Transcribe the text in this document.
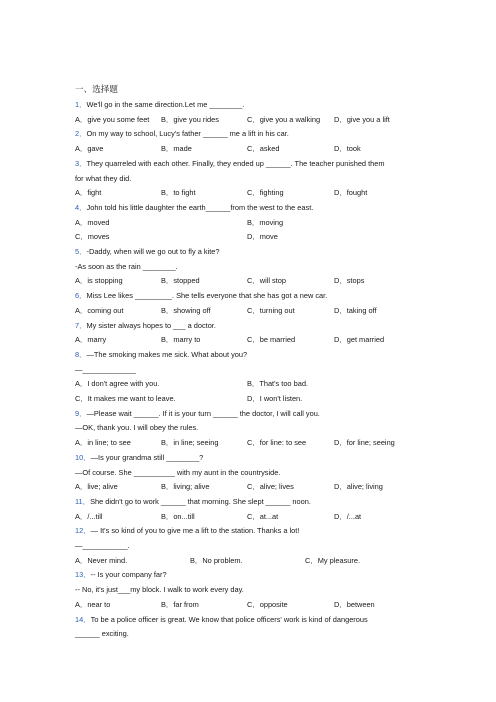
一、选择题
1．We'll go in the same direction.Let me ________.
A．give you some feet B．give you rides	C．give you a walking D．give you a lift
2．On my way to school, Lucy's father ______ me a lift in his car.
A．gave	B．made	C．asked	D．took
3．They quarreled with each other. Finally, they ended up ______. The teacher punished them
for what they did.
A．fight	B．to fight	C．fighting	D．fought
4．John told his little daughter the earth______from the west to the east.
A．moved	B．moving
C．moves	D．move
5．-Daddy, when will we go out to fly a kite?
-As soon as the rain ________.
A．is stopping	B．stopped	C．will stop	D．stops
6．Miss Lee likes _________. She tells everyone that she has got a new car.
A．coming out	B．showing off	C．turning out	D．taking off
7．My sister always hopes to ___ a doctor.
A．marry	B．marry to	C．be married	D．get married
8．—The smoking makes me sick. What about you?
—_____________
A．I don't agree with you.	B．That's too bad.
C．It makes me want to leave.	D．I won't listen.
9．—Please wait ______. If it is your turn ______ the doctor, I will call you.
—OK, thank you. I will obey the rules.
A．in line; to see	B．in line; seeing	C．for line: to see	D．for line; seeing
10．—Is your grandma still ________?
—Of course. She __________ with my aunt in the countryside.
A．live; alive	B．living; alive	C．alive; lives	D．alive; living
11．She didn't go to work ______ that morning. She slept ______ noon.
A．/...till	B．on...till	C．at...at	D．/...at
12．— It's so kind of you to give me a lift to the station. Thanks a lot!
—___________.
A．Never mind.	B．No problem.	C．My pleasure.
13．-- Is your company far?
-- No, it's just___my block. I walk to work every day.
A．near to	B．far from	C．opposite	D．between
14．To be a police officer is great. We know that police officers' work is kind of dangerous
______ exciting.
